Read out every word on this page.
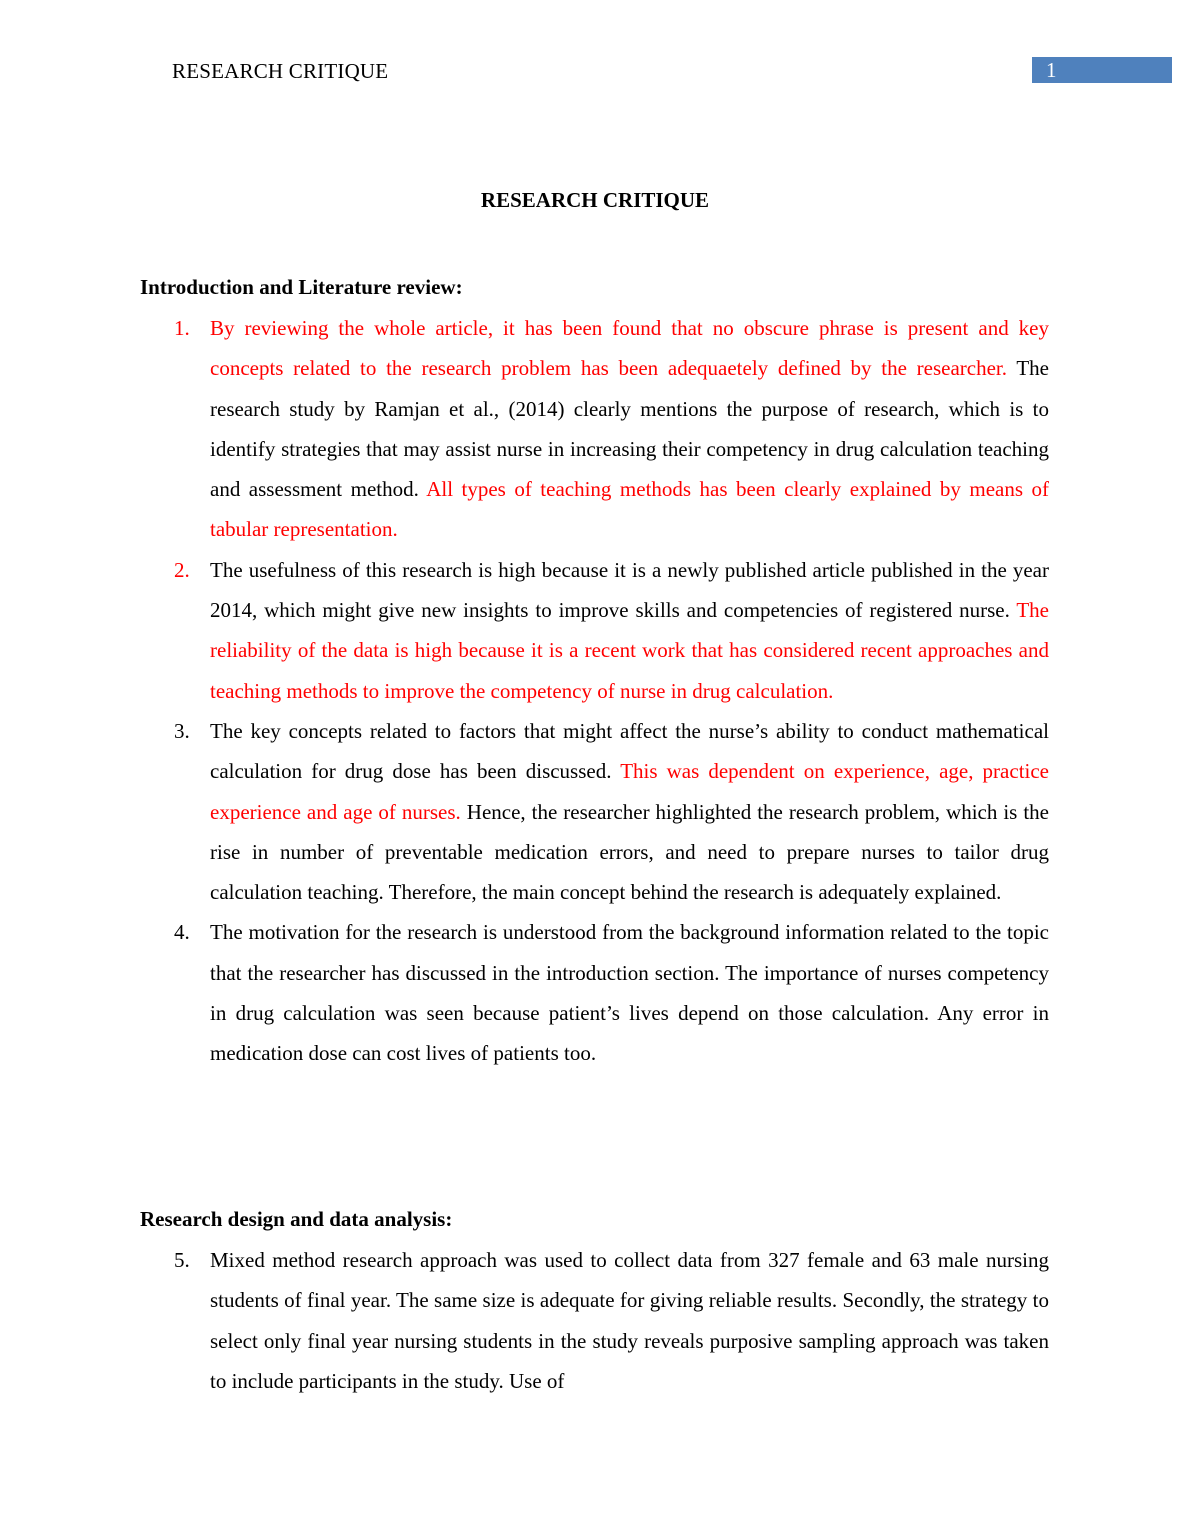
RESEARCH CRITIQUE	1
RESEARCH CRITIQUE
Introduction and Literature review:
1. By reviewing the whole article, it has been found that no obscure phrase is present and key concepts related to the research problem has been adequaetely defined by the researcher. The research study by Ramjan et al., (2014) clearly mentions the purpose of research, which is to identify strategies that may assist nurse in increasing their competency in drug calculation teaching and assessment method. All types of teaching methods has been clearly explained by means of tabular representation.
2. The usefulness of this research is high because it is a newly published article published in the year 2014, which might give new insights to improve skills and competencies of registered nurse. The reliability of the data is high because it is a recent work that has considered recent approaches and teaching methods to improve the competency of nurse in drug calculation.
3. The key concepts related to factors that might affect the nurse’s ability to conduct mathematical calculation for drug dose has been discussed. This was dependent on experience, age, practice experience and age of nurses. Hence, the researcher highlighted the research problem, which is the rise in number of preventable medication errors, and need to prepare nurses to tailor drug calculation teaching. Therefore, the main concept behind the research is adequately explained.
4. The motivation for the research is understood from the background information related to the topic that the researcher has discussed in the introduction section. The importance of nurses competency in drug calculation was seen because patient’s lives depend on those calculation. Any error in medication dose can cost lives of patients too.
Research design and data analysis:
5. Mixed method research approach was used to collect data from 327 female and 63 male nursing students of final year. The same size is adequate for giving reliable results. Secondly, the strategy to select only final year nursing students in the study reveals purposive sampling approach was taken to include participants in the study. Use of
